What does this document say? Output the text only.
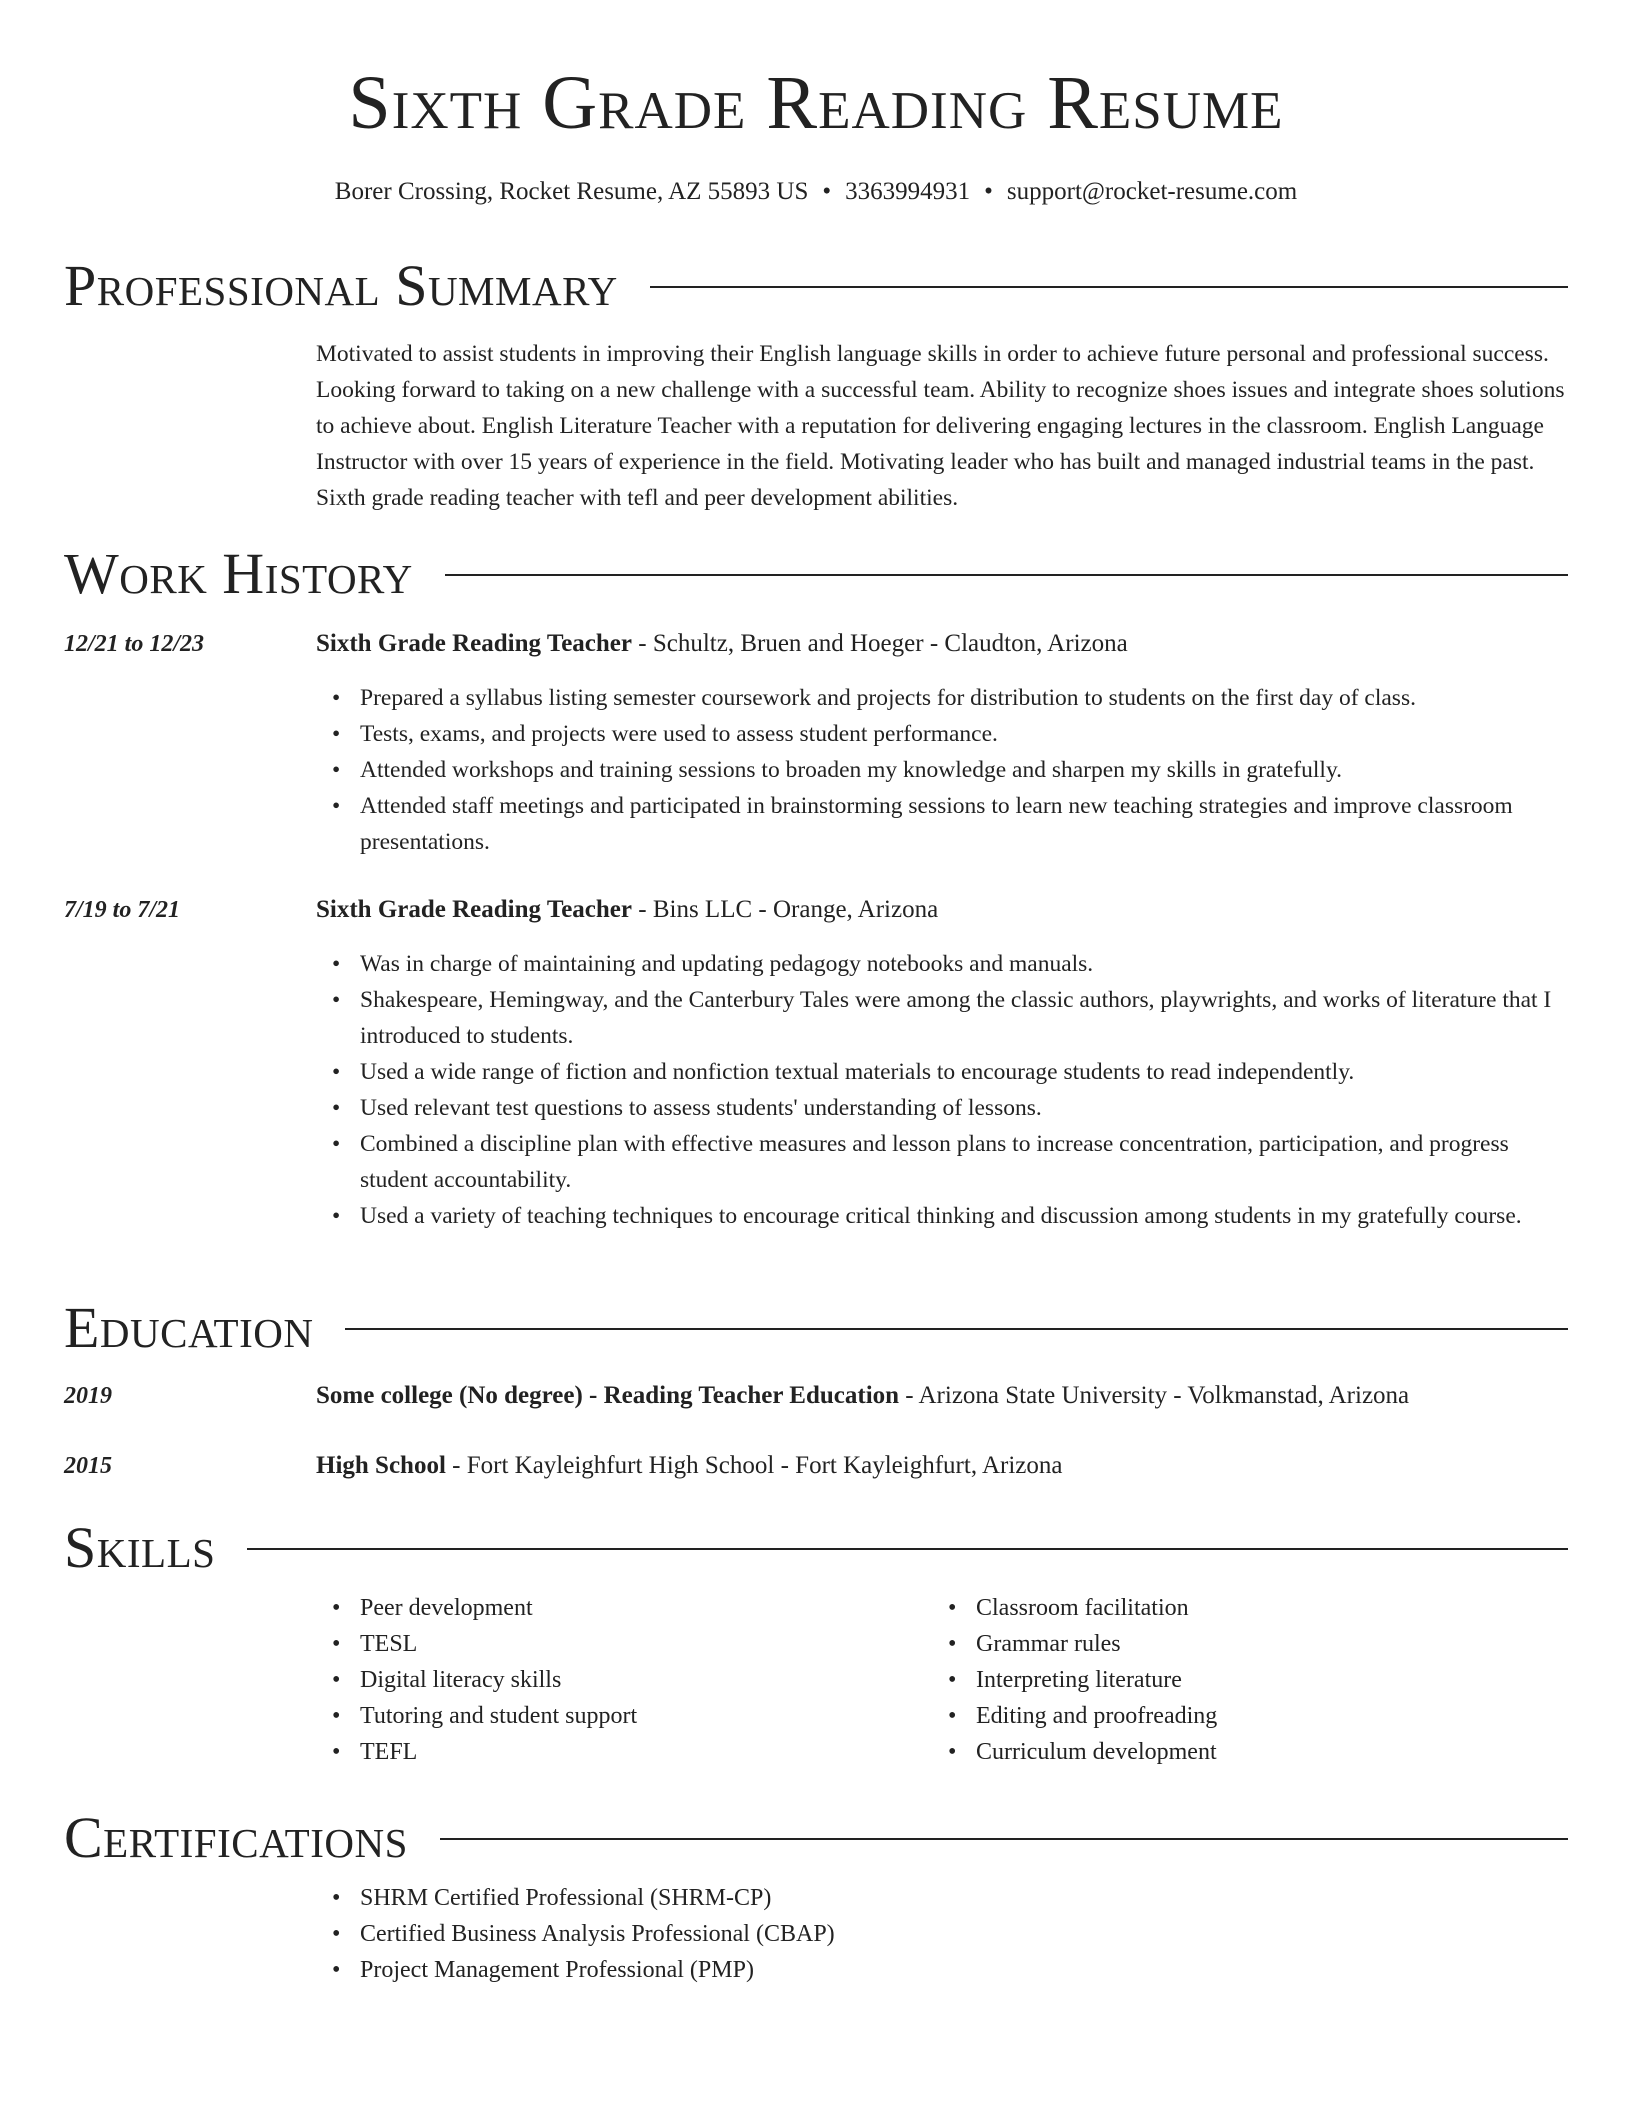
Sixth Grade Reading Resume
Borer Crossing, Rocket Resume, AZ 55893 US • 3363994931 • support@rocket-resume.com
Professional Summary

Motivated to assist students in improving their English language skills in order to achieve future personal and professional success. Looking forward to taking on a new challenge with a successful team. Ability to recognize shoes issues and integrate shoes solutions to achieve about. English Literature Teacher with a reputation for delivering engaging lectures in the classroom. English Language Instructor with over 15 years of experience in the field. Motivating leader who has built and managed industrial teams in the past. Sixth grade reading teacher with tefl and peer development abilities.

Work History
12/21 to 12/23	Sixth Grade Reading Teacher - Schultz, Bruen and Hoeger - Claudton, Arizona
• Prepared a syllabus listing semester coursework and projects for distribution to students on the first day of class.
• Tests, exams, and projects were used to assess student performance.
• Attended workshops and training sessions to broaden my knowledge and sharpen my skills in gratefully.
• Attended staff meetings and participated in brainstorming sessions to learn new teaching strategies and improve classroom presentations.
7/19 to 7/21	Sixth Grade Reading Teacher - Bins LLC - Orange, Arizona
• Was in charge of maintaining and updating pedagogy notebooks and manuals.
• Shakespeare, Hemingway, and the Canterbury Tales were among the classic authors, playwrights, and works of literature that I introduced to students.
• Used a wide range of fiction and nonfiction textual materials to encourage students to read independently.
• Used relevant test questions to assess students' understanding of lessons.
• Combined a discipline plan with effective measures and lesson plans to increase concentration, participation, and progress student accountability.
• Used a variety of teaching techniques to encourage critical thinking and discussion among students in my gratefully course.
Education
2019	Some college (No degree) - Reading Teacher Education - Arizona State University - Volkmanstad, Arizona
2015	High School - Fort Kayleighfurt High School - Fort Kayleighfurt, Arizona
Skills
• Peer development
• TESL
• Digital literacy skills
• Tutoring and student support
• TEFL
• Classroom facilitation
• Grammar rules
• Interpreting literature
• Editing and proofreading
• Curriculum development
Certifications
• SHRM Certified Professional (SHRM-CP)
• Certified Business Analysis Professional (CBAP)
• Project Management Professional (PMP)
